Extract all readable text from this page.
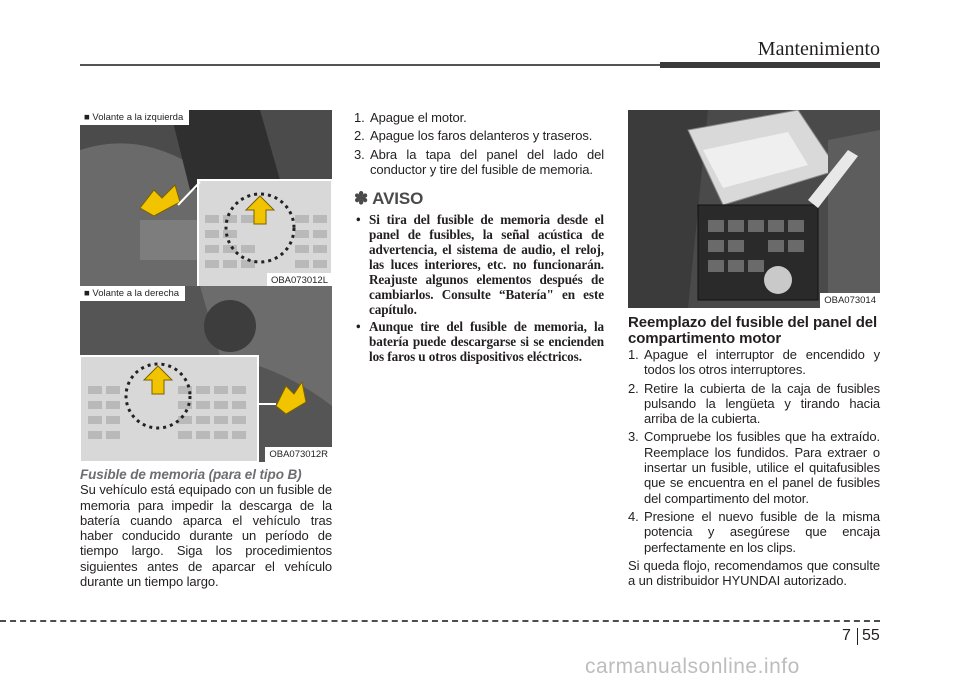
Mantenimiento
■ Volante a la izquierda
OBA073012L
■ Volante a la derecha
OBA073012R
OBA073014

Fusible de memoria (para el tipo B)

Su vehículo está equipado con un fusible de memoria para impedir la descarga de la batería cuando aparca el vehículo tras haber conducido durante un período de tiempo largo. Siga los procedimientos siguientes antes de aparcar el vehículo durante un tiempo largo.

1. Apague el motor.
2. Apague los faros delanteros y traseros.
3. Abra la tapa del panel del lado del conductor y tire del fusible de memoria.
✽ AVISO
• Si tira del fusible de memoria desde el panel de fusibles, la señal acústica de advertencia, el sistema de audio, el reloj, las luces interiores, etc. no funcionarán. Reajuste algunos elementos después de cambiarlos. Consulte “Batería" en este capítulo.
• Aunque tire del fusible de memoria, la batería puede descargarse si se encienden los faros u otros dispositivos eléctricos.

Reemplazo del fusible del panel del compartimento motor

1. Apague el interruptor de encendido y todos los otros interruptores.
2. Retire la cubierta de la caja de fusibles pulsando la lengüeta y tirando hacia arriba de la cubierta.
3. Compruebe los fusibles que ha extraído. Reemplace los fundidos. Para extraer o insertar un fusible, utilice el quitafusibles que se encuentra en el panel de fusibles del compartimento del motor.
4. Presione el nuevo fusible de la misma potencia y asegúrese que encaja perfectamente en los clips.

Si queda flojo, recomendamos que consulte a un distribuidor HYUNDAI autorizado.

7 55
carmanualsonline.info
